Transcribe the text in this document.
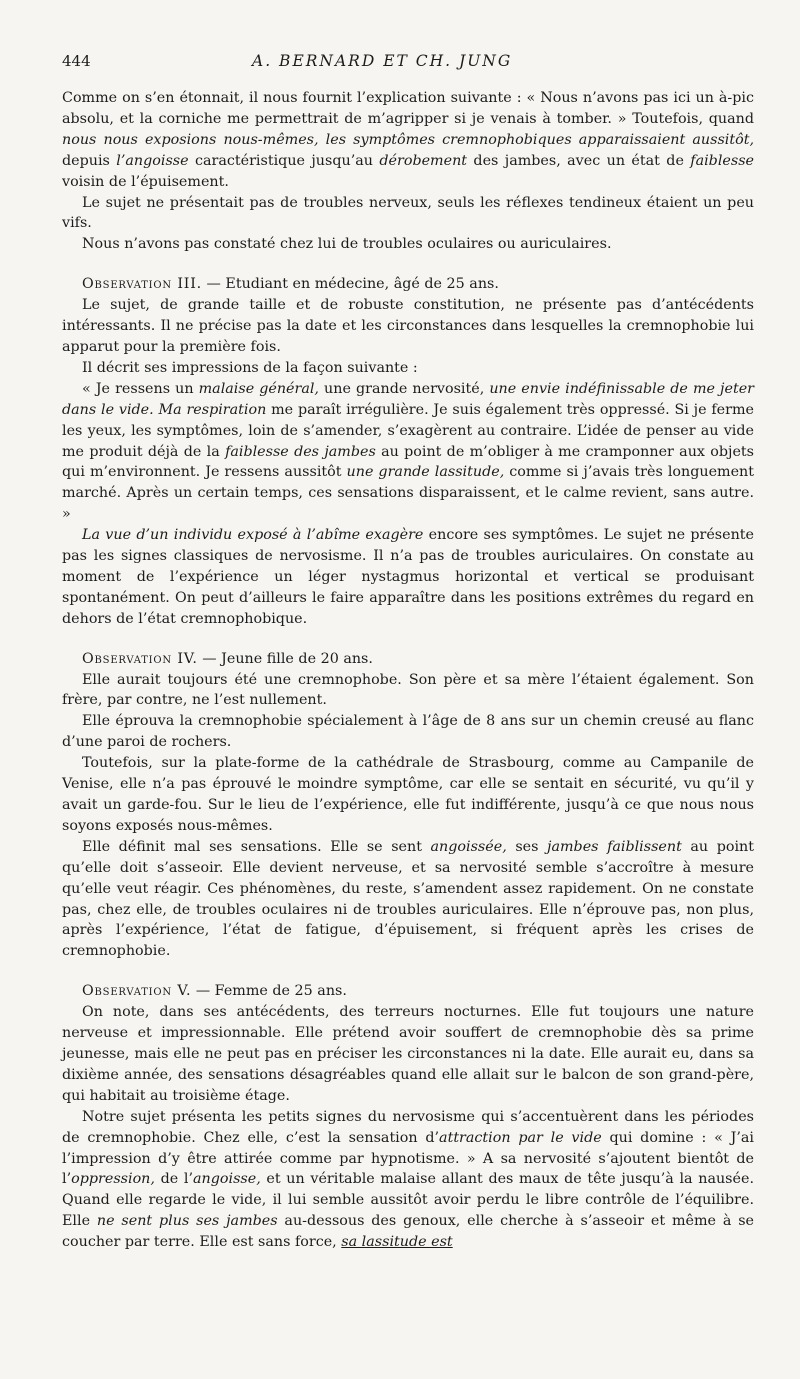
444	A. BERNARD ET CH. JUNG

Comme on s’en étonnait, il nous fournit l’explication suivante : « Nous n’avons pas ici un à-pic absolu, et la corniche me permettrait de m’agripper si je venais à tomber. » Toutefois, quand nous nous exposions nous-mêmes, les symptômes cremnophobiques apparaissaient aussitôt, depuis l’angoisse caractéristique jusqu’au dérobement des jambes, avec un état de faiblesse voisin de l’épuisement.

Le sujet ne présentait pas de troubles nerveux, seuls les réflexes tendineux étaient un peu vifs.

Nous n’avons pas constaté chez lui de troubles oculaires ou auriculaires.

Observation III. — Etudiant en médecine, âgé de 25 ans.

Le sujet, de grande taille et de robuste constitution, ne présente pas d’antécédents intéressants. Il ne précise pas la date et les circonstances dans lesquelles la cremnophobie lui apparut pour la première fois.

Il décrit ses impressions de la façon suivante :

« Je ressens un malaise général, une grande nervosité, une envie indéfinissable de me jeter dans le vide. Ma respiration me paraît irrégulière. Je suis également très oppressé. Si je ferme les yeux, les symptômes, loin de s’amender, s’exagèrent au contraire. L’idée de penser au vide me produit déjà de la faiblesse des jambes au point de m’obliger à me cramponner aux objets qui m’environnent. Je ressens aussitôt une grande lassitude, comme si j’avais très longuement marché. Après un certain temps, ces sensations disparaissent, et le calme revient, sans autre. »

La vue d’un individu exposé à l’abîme exagère encore ses symptômes. Le sujet ne présente pas les signes classiques de nervosisme. Il n’a pas de troubles auriculaires. On constate au moment de l’expérience un léger nystagmus horizontal et vertical se produisant spontanément. On peut d’ailleurs le faire apparaître dans les positions extrêmes du regard en dehors de l’état cremnophobique.

Observation IV. — Jeune fille de 20 ans.

Elle aurait toujours été une cremnophobe. Son père et sa mère l’étaient également. Son frère, par contre, ne l’est nullement.

Elle éprouva la cremnophobie spécialement à l’âge de 8 ans sur un chemin creusé au flanc d’une paroi de rochers.

Toutefois, sur la plate-forme de la cathédrale de Strasbourg, comme au Campanile de Venise, elle n’a pas éprouvé le moindre symptôme, car elle se sentait en sécurité, vu qu’il y avait un garde-fou. Sur le lieu de l’expérience, elle fut indifférente, jusqu’à ce que nous nous soyons exposés nous-mêmes.

Elle définit mal ses sensations. Elle se sent angoissée, ses jambes faiblissent au point qu’elle doit s’asseoir. Elle devient nerveuse, et sa nervosité semble s’accroître à mesure qu’elle veut réagir. Ces phénomènes, du reste, s’amendent assez rapidement. On ne constate pas, chez elle, de troubles oculaires ni de troubles auriculaires. Elle n’éprouve pas, non plus, après l’expérience, l’état de fatigue, d’épuisement, si fréquent après les crises de cremnophobie.

Observation V. — Femme de 25 ans.

On note, dans ses antécédents, des terreurs nocturnes. Elle fut toujours une nature nerveuse et impressionnable. Elle prétend avoir souffert de cremnophobie dès sa prime jeunesse, mais elle ne peut pas en préciser les circonstances ni la date. Elle aurait eu, dans sa dixième année, des sensations désagréables quand elle allait sur le balcon de son grand-père, qui habitait au troisième étage.

Notre sujet présenta les petits signes du nervosisme qui s’accentuèrent dans les périodes de cremnophobie. Chez elle, c’est la sensation d’attraction par le vide qui domine : « J’ai l’impression d’y être attirée comme par hypnotisme. » A sa nervosité s’ajoutent bientôt de l’oppression, de l’angoisse, et un véritable malaise allant des maux de tête jusqu’à la nausée. Quand elle regarde le vide, il lui semble aussitôt avoir perdu le libre contrôle de l’équilibre. Elle ne sent plus ses jambes au-dessous des genoux, elle cherche à s’asseoir et même à se coucher par terre. Elle est sans force, sa lassitude est
